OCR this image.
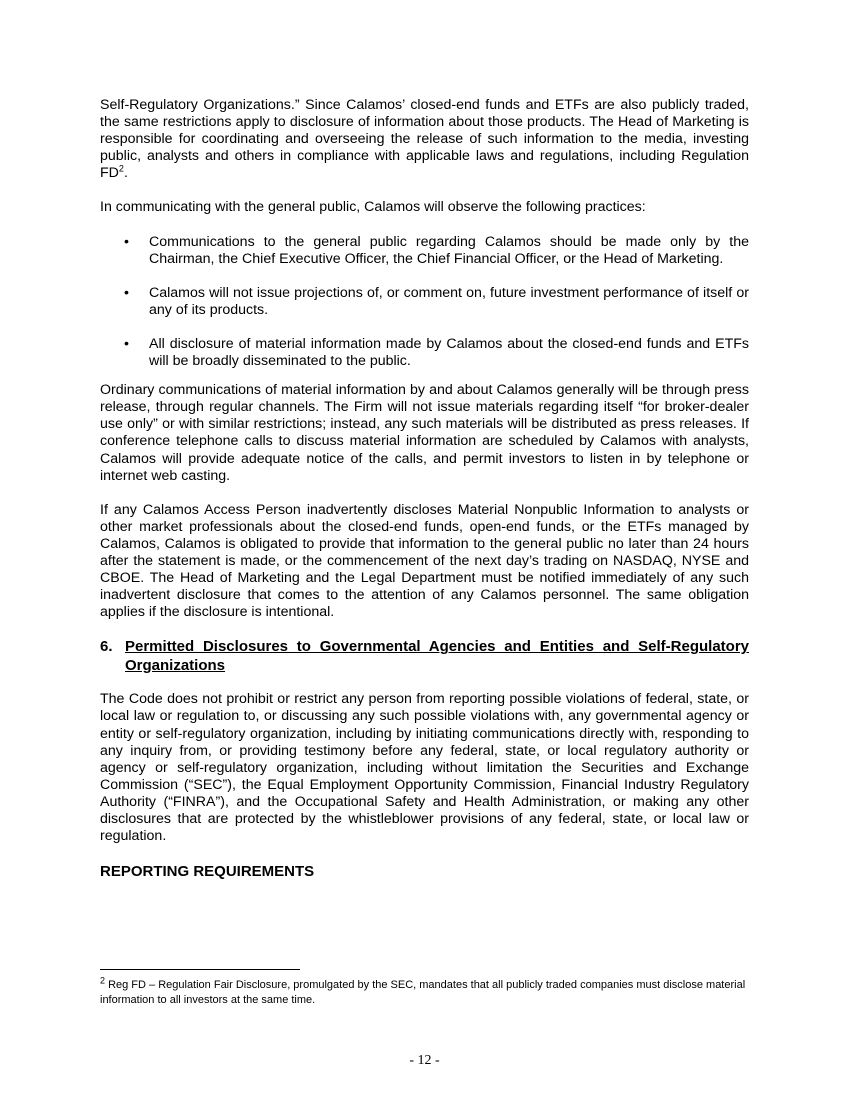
Self-Regulatory Organizations.” Since Calamos’ closed-end funds and ETFs are also publicly traded, the same restrictions apply to disclosure of information about those products. The Head of Marketing is responsible for coordinating and overseeing the release of such information to the media, investing public, analysts and others in compliance with applicable laws and regulations, including Regulation $FD^2$.

In communicating with the general public, Calamos will observe the following practices:

• Communications to the general public regarding Calamos should be made only by the Chairman, the Chief Executive Officer, the Chief Financial Officer, or the Head of Marketing.
• Calamos will not issue projections of, or comment on, future investment performance of itself or any of its products.
• All disclosure of material information made by Calamos about the closed-end funds and ETFs will be broadly disseminated to the public.

Ordinary communications of material information by and about Calamos generally will be through press release, through regular channels. The Firm will not issue materials regarding itself “for broker-dealer use only” or with similar restrictions; instead, any such materials will be distributed as press releases. If conference telephone calls to discuss material information are scheduled by Calamos with analysts, Calamos will provide adequate notice of the calls, and permit investors to listen in by telephone or internet web casting.

If any Calamos Access Person inadvertently discloses Material Nonpublic Information to analysts or other market professionals about the closed-end funds, open-end funds, or the ETFs managed by Calamos, Calamos is obligated to provide that information to the general public no later than 24 hours after the statement is made, or the commencement of the next day’s trading on NASDAQ, NYSE and CBOE. The Head of Marketing and the Legal Department must be notified immediately of any such inadvertent disclosure that comes to the attention of any Calamos personnel. The same obligation applies if the disclosure is intentional.

6. Permitted Disclosures to Governmental Agencies and Entities and Self-Regulatory Organizations

The Code does not prohibit or restrict any person from reporting possible violations of federal, state, or local law or regulation to, or discussing any such possible violations with, any governmental agency or entity or self-regulatory organization, including by initiating communications directly with, responding to any inquiry from, or providing testimony before any federal, state, or local regulatory authority or agency or self-regulatory organization, including without limitation the Securities and Exchange Commission (“SEC”), the Equal Employment Opportunity Commission, Financial Industry Regulatory Authority (“FINRA”), and the Occupational Safety and Health Administration, or making any other disclosures that are protected by the whistleblower provisions of any federal, state, or local law or regulation.

REPORTING REQUIREMENTS
$^2$ Reg FD – Regulation Fair Disclosure, promulgated by the SEC, mandates that all publicly traded companies must disclose material information to all investors at the same time.
- 12 -
